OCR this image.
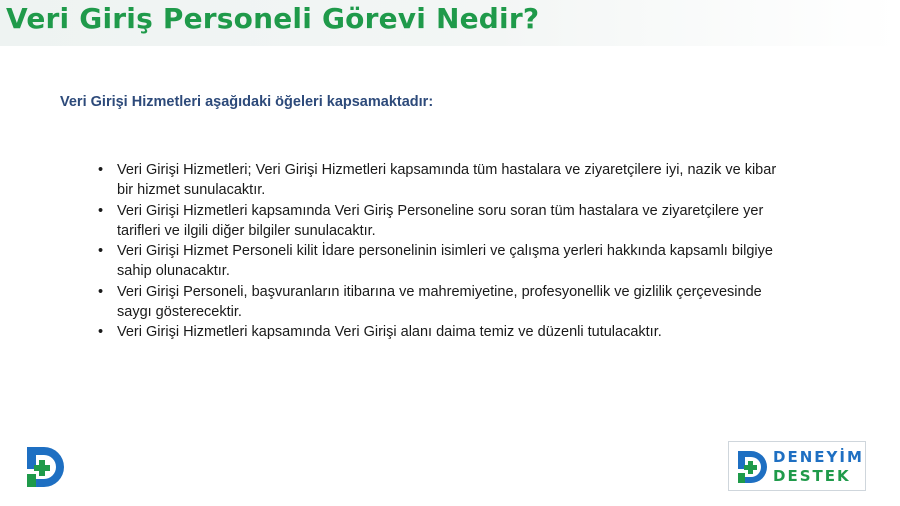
Veri Giriş Personeli Görevi Nedir?
Veri Girişi Hizmetleri aşağıdaki öğeleri kapsamaktadır:
• Veri Girişi Hizmetleri; Veri Girişi Hizmetleri kapsamında tüm hastalara ve ziyaretçilere iyi, nazik ve kibar bir hizmet sunulacaktır.
• Veri Girişi Hizmetleri kapsamında Veri Giriş Personeline soru soran tüm hastalara ve ziyaretçilere yer tarifleri ve ilgili diğer bilgiler sunulacaktır.
• Veri Girişi Hizmet Personeli kilit İdare personelinin isimleri ve çalışma yerleri hakkında kapsamlı bilgiye sahip olunacaktır.
• Veri Girişi Personeli, başvuranların itibarına ve mahremiyetine, profesyonellik ve gizlilik çerçevesinde saygı gösterecektir.
• Veri Girişi Hizmetleri kapsamında Veri Girişi alanı daima temiz ve düzenli tutulacaktır.
DENEYİM
DESTEK
